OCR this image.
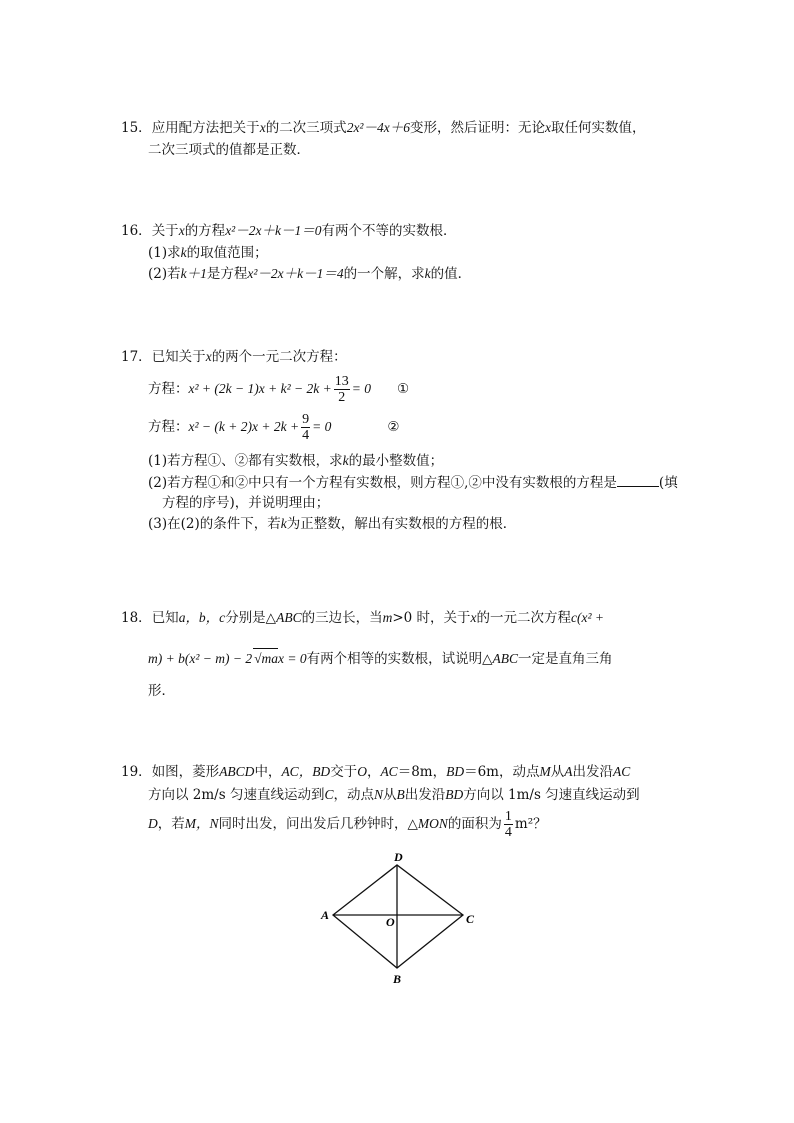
15．应用配方法把关于x的二次三项式2x²－4x＋6变形，然后证明：无论x取任何实数值，
二次三项式的值都是正数．
16．关于x的方程x²－2x＋k－1＝0有两个不等的实数根．
(1)求k的取值范围；
(2)若k＋1是方程x²－2x＋k－1＝4的一个解，求k的值．
17．已知关于x的两个一元二次方程：
方程：$x^2 + (2k - 1)x + k^2 - 2k + \frac{13}{2} = 0$ ①
方程：$x^2 - (k + 2)x + 2k + \frac{9}{4} = 0$	②
(1)若方程①、②都有实数根，求k的最小整数值；
(2)若方程①和②中只有一个方程有实数根，则方程①,②中没有实数根的方程是	(填
方程的序号)，并说明理由；
(3)在(2)的条件下，若k为正整数，解出有实数根的方程的根．
18．已知a，b，c分别是△ABC的三边长，当m>0 时，关于x的一元二次方程c(x² +
m) + b(x² − m) − 2 √max = 0有两个相等的实数根，试说明△ABC一定是直角三角
形．
19．如图，菱形ABCD中，AC，BD交于O，AC＝8m，BD＝6m，动点M从A出发沿AC
方向以 2m/s 匀速直线运动到C，动点N从B出发沿BD方向以 1m/s 匀速直线运动到
D，若M，N同时出发，问出发后几秒钟时，△MON的面积为 $\frac{1}{4} m^2$？
D
A	C
O
B
